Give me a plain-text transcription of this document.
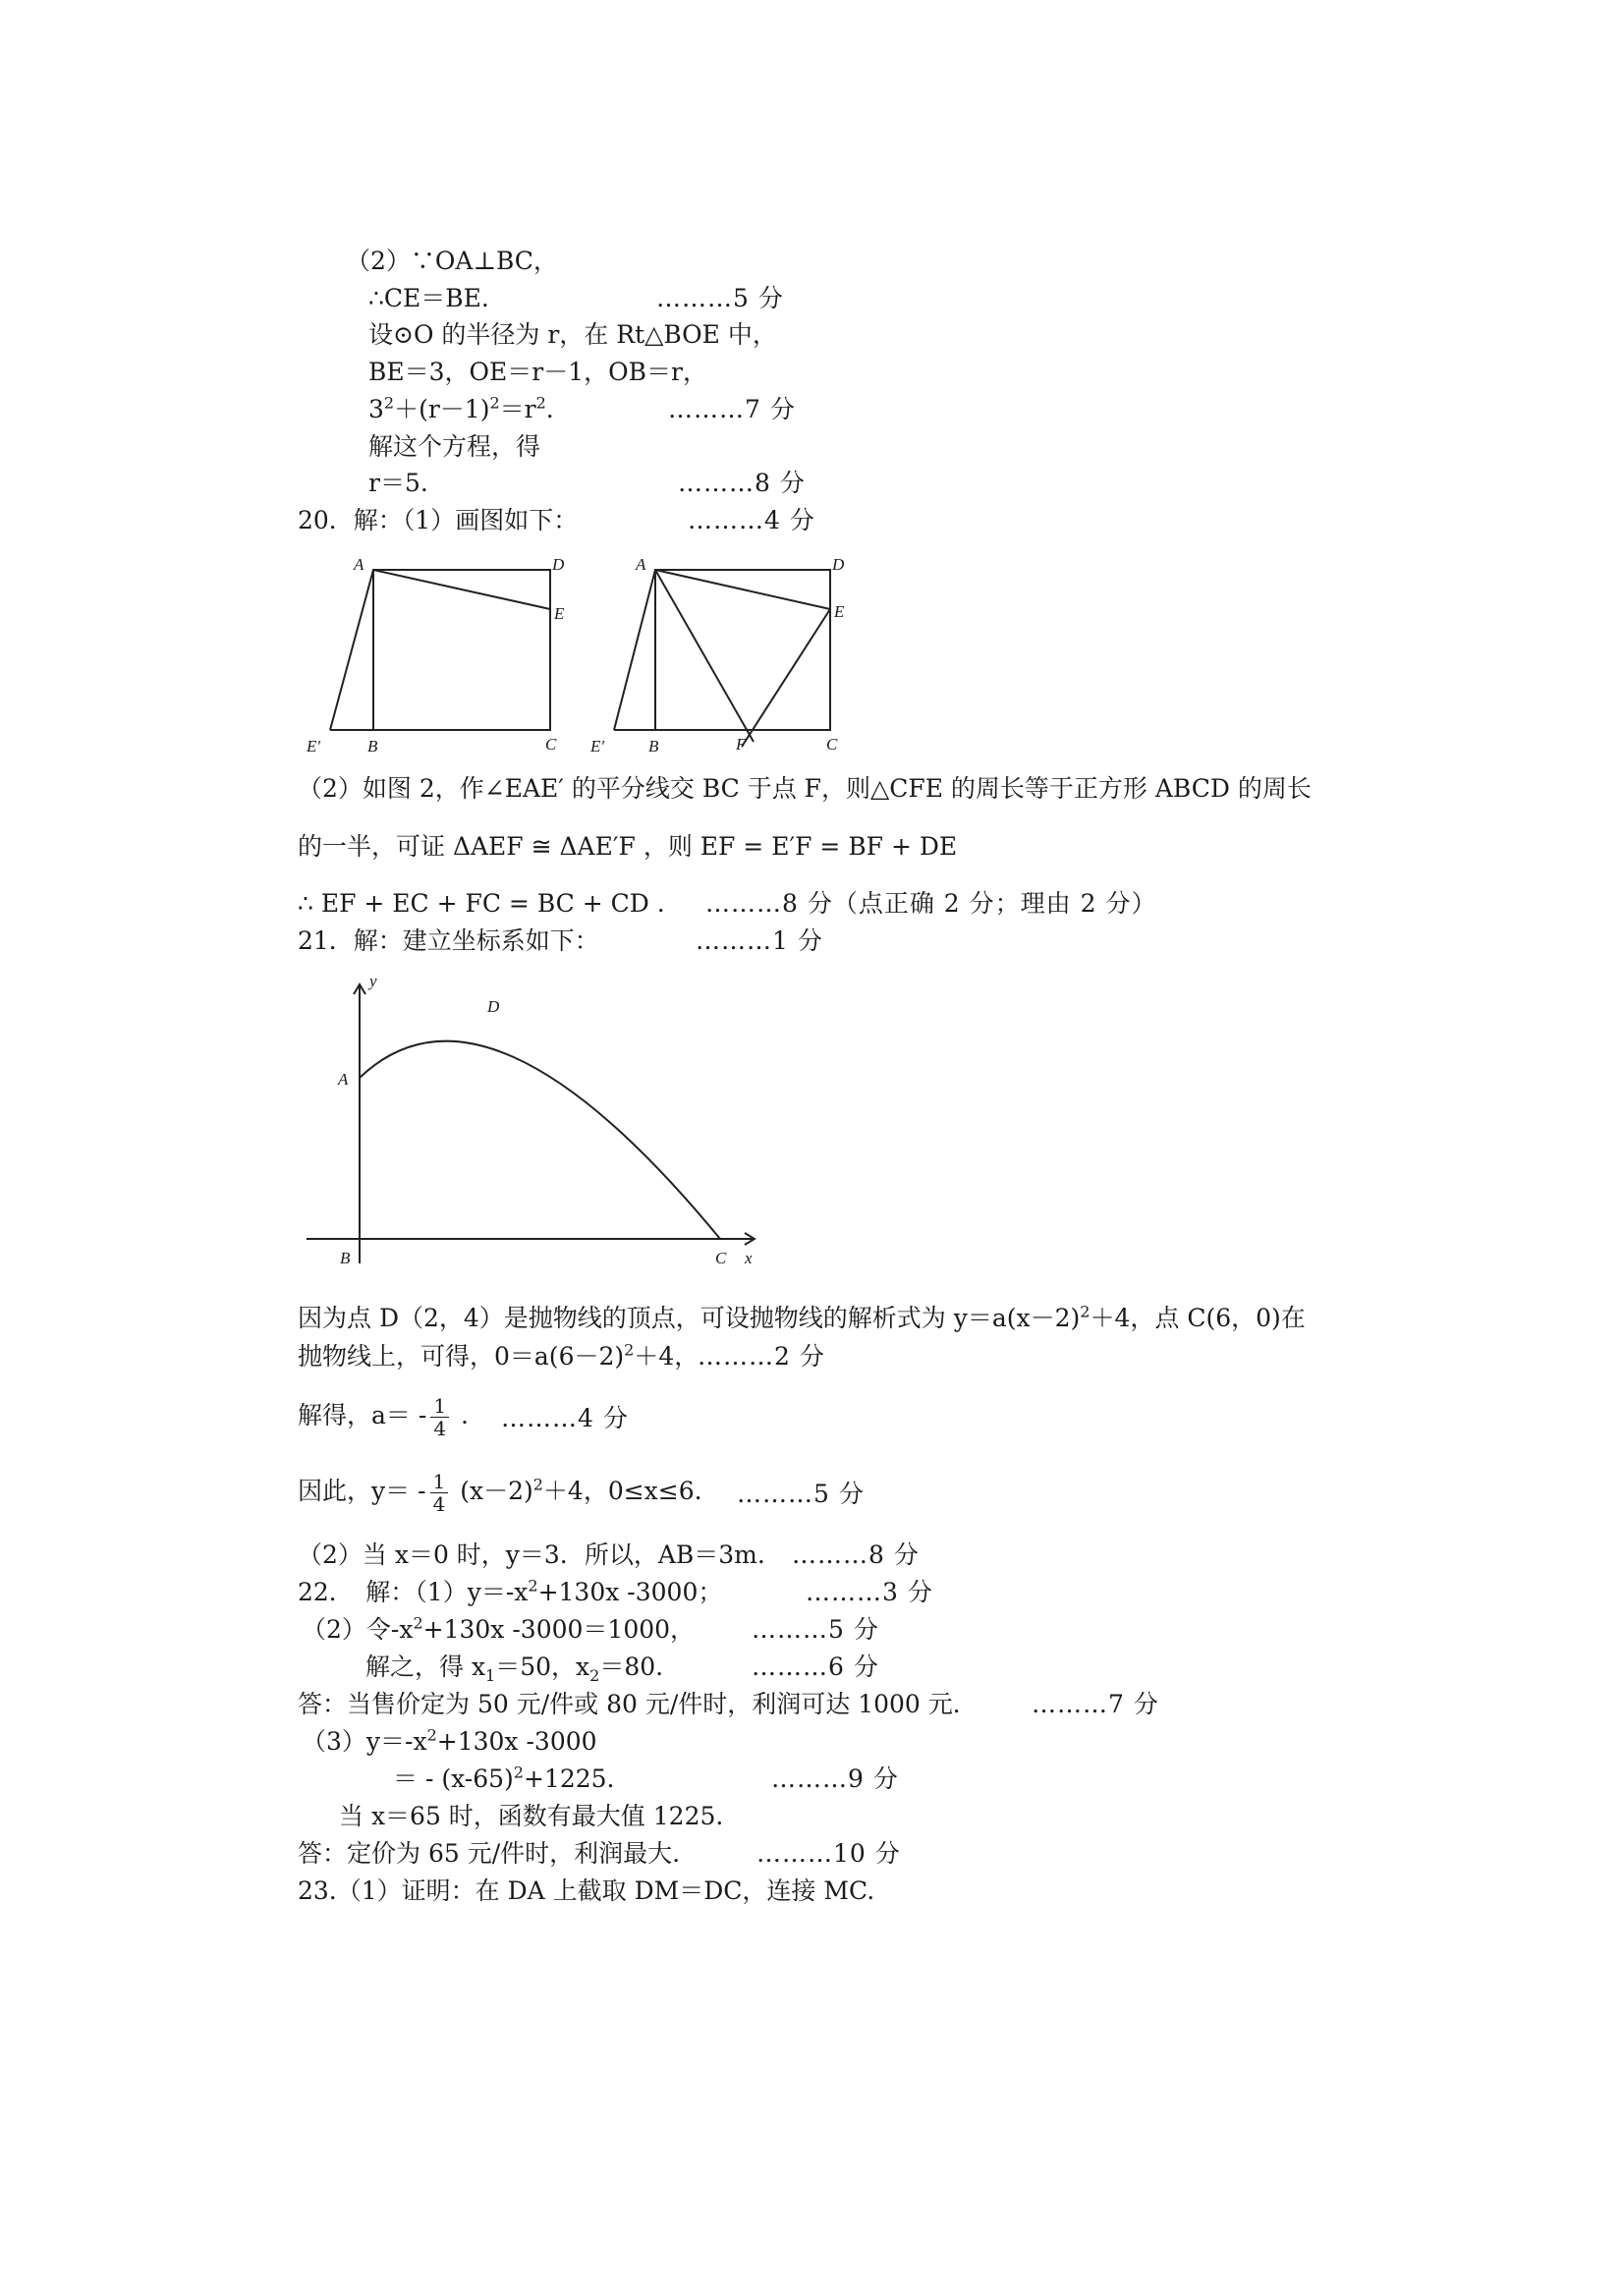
（2）∵OA⊥BC，
∴CE＝BE.	………5 分
设⊙O 的半径为 r，在 Rt△BOE 中，
BE＝3，OE＝r－1，OB＝r，
$3^2+(r-1)^2=r^2$.	………7 分
解这个方程，得
r＝5.	………8 分
20．解：（1）画图如下：	………4 分
A	D
E
E′	B	C
A	D
E
E′	B	F	C
（2）如图 2，作∠EAE′ 的平分线交 BC 于点 F，则△CFE 的周长等于正方形 ABCD 的周长
的一半，可证 ΔAEF ≅ ΔAE′F ，则 EF = E′F = BF + DE
∴ EF + EC + FC = BC + CD . ………8 分（点正确 2 分；理由 2 分）
21．解：建立坐标系如下：	………1 分
y
D
A
B	C x
因为点 D（2，4）是抛物线的顶点，可设抛物线的解析式为 $y=a(x-2)^2+4$，点 C(6，0)在
抛物线上，可得，$0=a(6-2)^2+4$，
………2 分
解得，$a= - \frac{1}{4}$ . ………4 分
因此，$y= - \frac{1}{4} (x-2)^2+4$，0≤x≤6. ………5 分
（2）当 x＝0 时，y＝3．所以，AB＝3m. ………8 分
22．　解：$(1)y=-x^2+130x$ -3000；	………3 分
（2）令$-x^2+130x$ -3000＝1000， ………5 分
解之，得 $x_1=50$，$x_2=80$.	………6 分
答：当售价定为 50 元/件或 80 元/件时，利润可达 1000 元． ………7 分
$(3)y=-x^2+130x$ -3000
＝ - $(x-65)^2+1225$.	………9 分
当 x＝65 时，函数有最大值 1225.
答：定价为 65 元/件时，利润最大.	………10 分
23.（1）证明：在 DA 上截取 DM＝DC，连接 MC.
